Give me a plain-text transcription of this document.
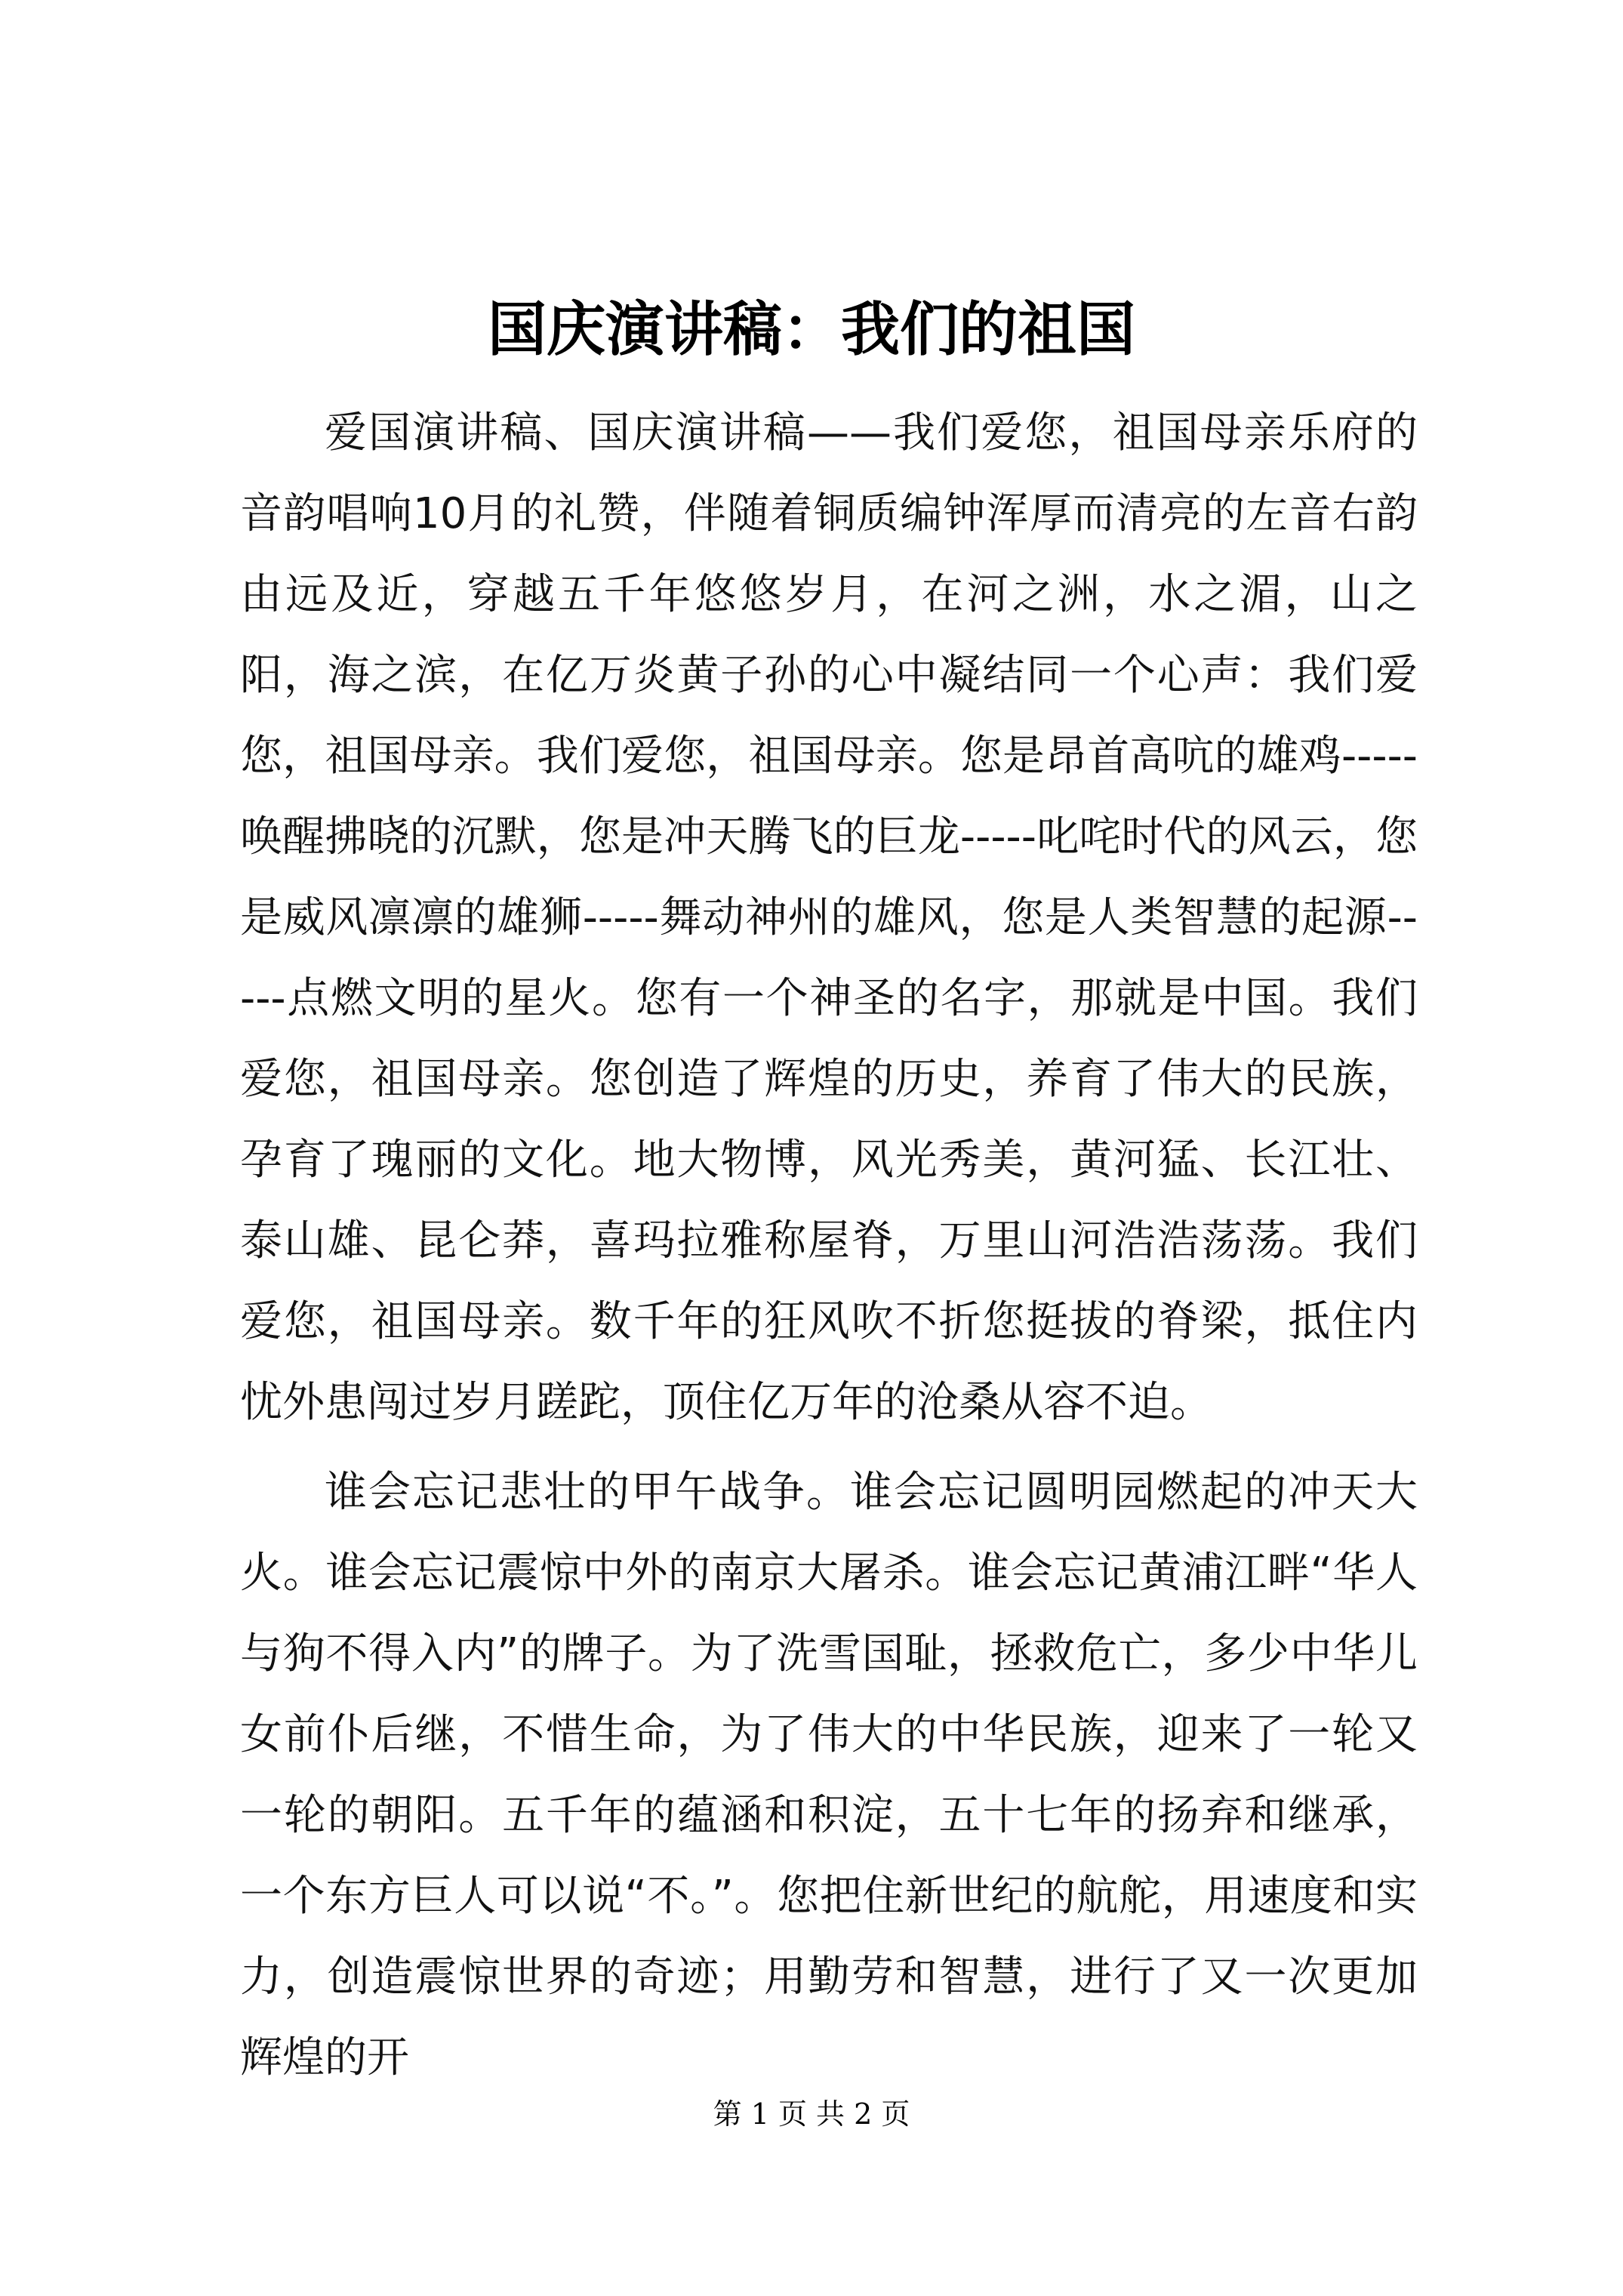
国庆演讲稿：我们的祖国

爱国演讲稿、国庆演讲稿——我们爱您，祖国母亲乐府的音韵唱响10月的礼赞，伴随着铜质编钟浑厚而清亮的左音右韵由远及近，穿越五千年悠悠岁月，在河之洲，水之湄，山之阳，海之滨，在亿万炎黄子孙的心中凝结同一个心声：我们爱您，祖国母亲。我们爱您，祖国母亲。您是昂首高吭的雄鸡-----唤醒拂晓的沉默，您是冲天腾飞的巨龙-----叱咤时代的风云，您是威风凛凛的雄狮-----舞动神州的雄风，您是人类智慧的起源-----点燃文明的星火。您有一个神圣的名字，那就是中国。我们爱您，祖国母亲。您创造了辉煌的历史，养育了伟大的民族，孕育了瑰丽的文化。地大物博，风光秀美，黄河猛、长江壮、泰山雄、昆仑莽，喜玛拉雅称屋脊，万里山河浩浩荡荡。我们爱您，祖国母亲。数千年的狂风吹不折您挺拔的脊梁，抵住内忧外患闯过岁月蹉跎，顶住亿万年的沧桑从容不迫。

谁会忘记悲壮的甲午战争。谁会忘记圆明园燃起的冲天大火。谁会忘记震惊中外的南京大屠杀。谁会忘记黄浦江畔“华人与狗不得入内”的牌子。为了洗雪国耻，拯救危亡，多少中华儿女前仆后继，不惜生命，为了伟大的中华民族，迎来了一轮又一轮的朝阳。五千年的蕴涵和积淀，五十七年的扬弃和继承，一个东方巨人可以说“不。”。您把住新世纪的航舵，用速度和实力，创造震惊世界的奇迹；用勤劳和智慧，进行了又一次更加辉煌的开

第 1 页 共 2 页
